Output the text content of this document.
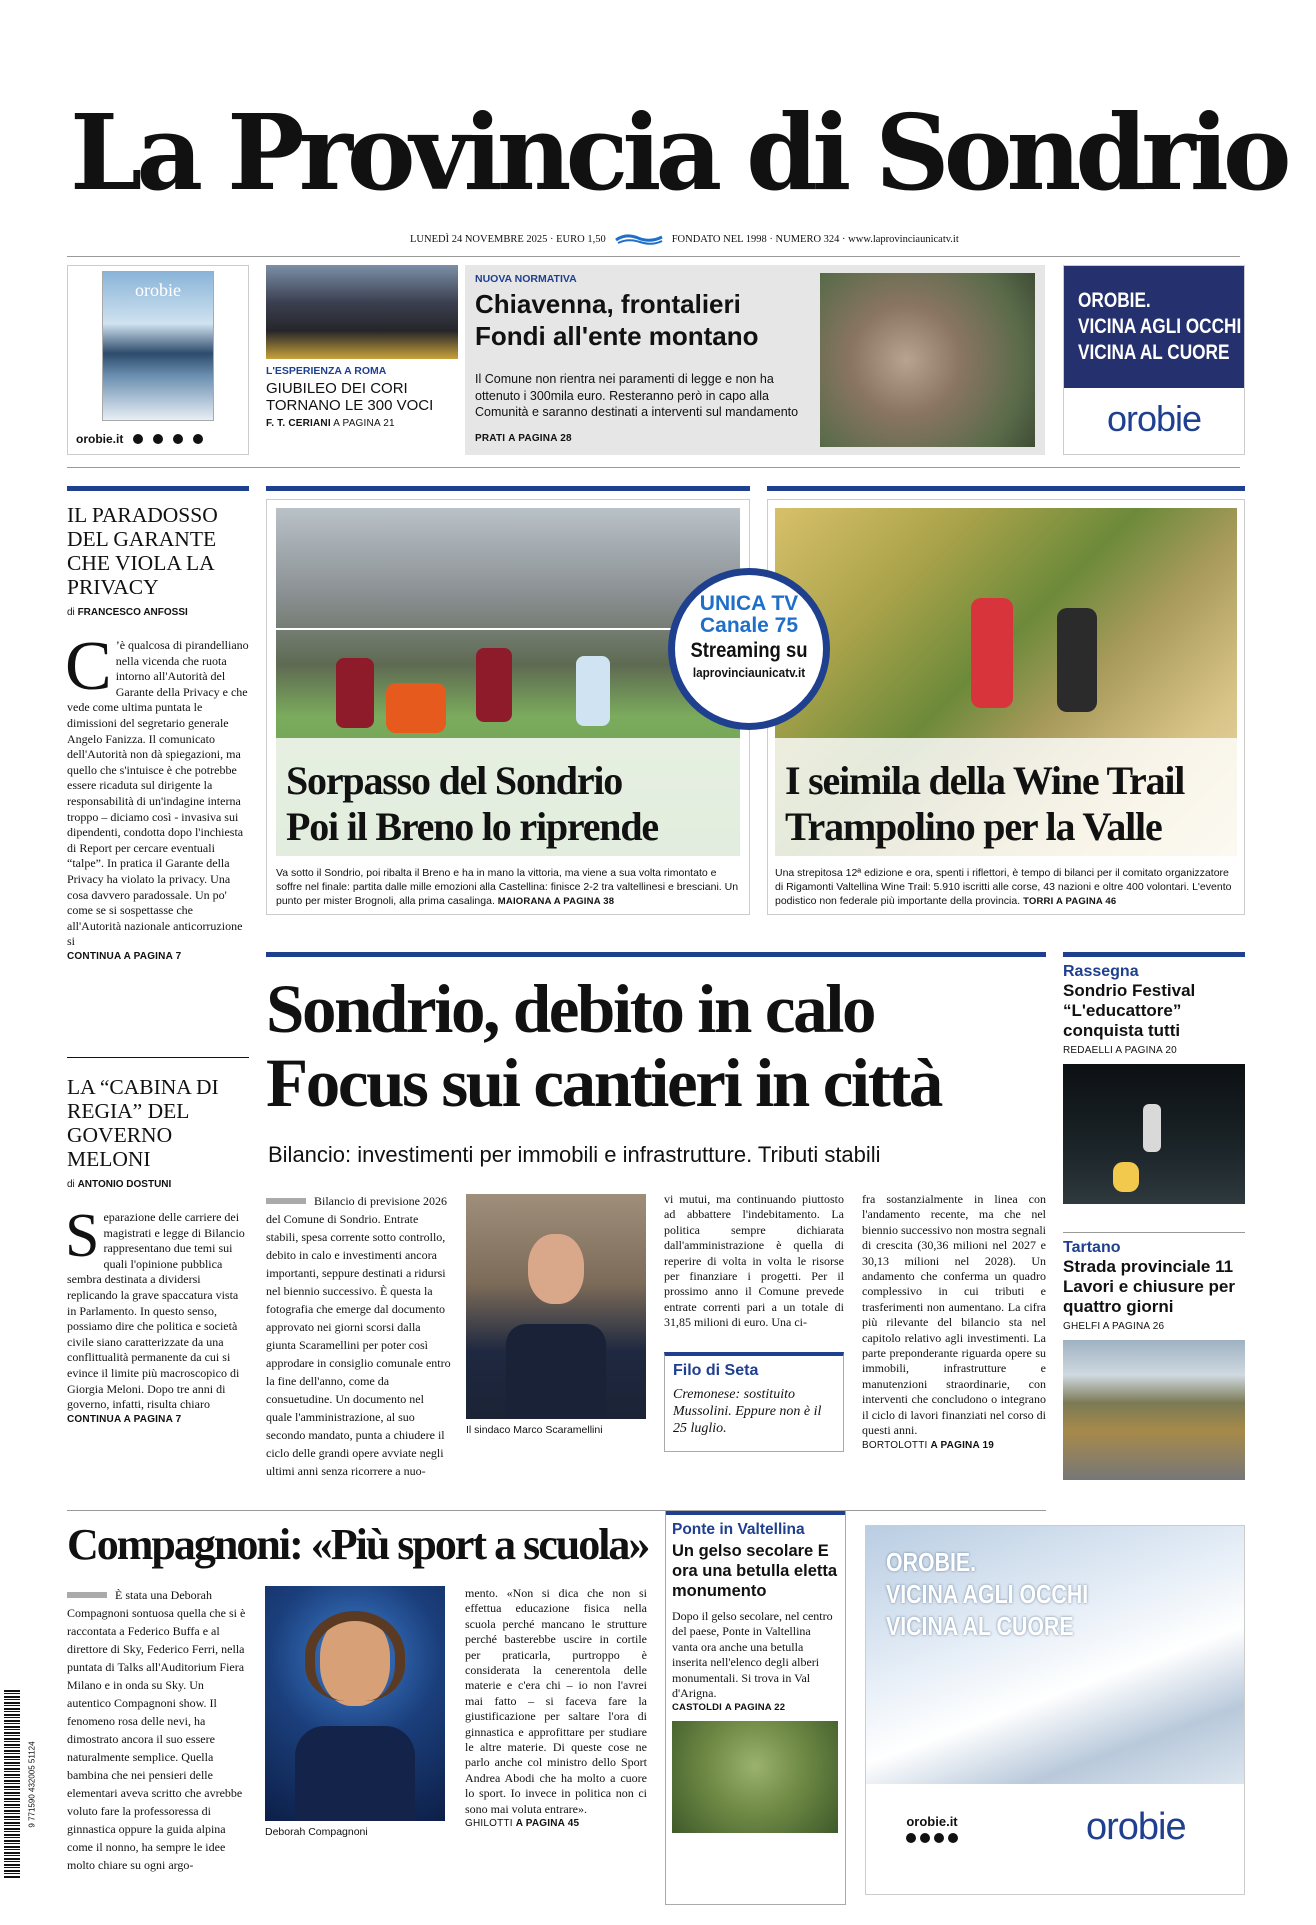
La Provincia di Sondrio
LUNEDÌ 24 NOVEMBRE 2025 · EURO 1,50	FONDATO NEL 1998 · NUMERO 324 · www.laprovinciaunicatv.it
orobie
orobie.it
L'ESPERIENZA A ROMA
GIUBILEO DEI CORI
TORNANO LE 300 VOCI
F. T. CERIANI A PAGINA 21
NUOVA NORMATIVA
Chiavenna, frontalieri
Fondi all'ente montano
Il Comune non rientra nei paramenti di legge e non ha ottenuto i 300mila euro. Resteranno però in capo alla Comunità e saranno destinati a interventi sul mandamento
PRATI A PAGINA 28
OROBIE.
VICINA AGLI OCCHI
VICINA AL CUORE
orobie
IL PARADOSSO DEL GARANTE CHE VIOLA LA PRIVACY
di FRANCESCO ANFOSSI
C ’è qualcosa di pirandelliano nella vicenda che ruota intorno all'Autorità del Garante della Privacy e che vede come ultima puntata le dimissioni del segretario generale Angelo Fanizza. Il comunicato dell'Autorità non dà spiegazioni, ma quello che s'intuisce è che potrebbe essere ricaduta sul dirigente la responsabilità di un'indagine interna troppo – diciamo così - invasiva sui dipendenti, condotta dopo l'inchiesta di Report per cercare eventuali “talpe”. In pratica il Garante della Privacy ha violato la privacy. Una cosa davvero paradossale. Un po' come se si sospettasse che all'Autorità nazionale anticorruzione si

CONTINUA A PAGINA 7
LA “CABINA DI REGIA” DEL GOVERNO MELONI
di ANTONIO DOSTUNI
S eparazione delle carriere dei magistrati e legge di Bilancio rappresentano due temi sui quali l'opinione pubblica sembra destinata a dividersi replicando la grave spaccatura vista in Parlamento. In questo senso, possiamo dire che politica e società civile siano caratterizzate da una conflittualità permanente da cui si evince il limite più macroscopico di Giorgia Meloni. Dopo tre anni di governo, infatti, risulta chiaro

CONTINUA A PAGINA 7
Sorpasso del Sondrio
Poi il Breno lo riprende
Va sotto il Sondrio, poi ribalta il Breno e ha in mano la vittoria, ma viene a sua volta rimontato e soffre nel finale: partita dalle mille emozioni alla Castellina: finisce 2-2 tra valtellinesi e bresciani. Un punto per mister Brognoli, alla prima casalinga. MAIORANA A PAGINA 38
I seimila della Wine Trail
Trampolino per la Valle
Una strepitosa 12ª edizione e ora, spenti i riflettori, è tempo di bilanci per il comitato organizzatore di Rigamonti Valtellina Wine Trail: 5.910 iscritti alle corse, 43 nazioni e oltre 400 volontari. L'evento podistico non federale più importante della provincia. TORRI A PAGINA 46
UNICA TV
Canale 75
Streaming su
laprovinciaunicatv.it
Sondrio, debito in calo
Focus sui cantieri in città
Bilancio: investimenti per immobili e infrastrutture. Tributi stabili

Bilancio di previsione 2026 del Comune di Sondrio. Entrate stabili, spesa corrente sotto controllo, debito in calo e investimenti ancora importanti, seppure destinati a ridursi nel biennio successivo. È questa la fotografia che emerge dal documento approvato nei giorni scorsi dalla giunta Scaramellini per poter così approdare in consiglio comunale entro la fine dell'anno, come da consuetudine. Un documento nel quale l'amministrazione, al suo secondo mandato, punta a chiudere il ciclo delle grandi opere avviate negli ultimi anni senza ricorrere a nuo-

Il sindaco Marco Scaramellini

vi mutui, ma continuando piuttosto ad abbattere l'indebitamento. La politica sempre dichiarata dall'amministrazione è quella di reperire di volta in volta le risorse per finanziare i progetti. Per il prossimo anno il Comune prevede entrate correnti pari a un totale di 31,85 milioni di euro. Una ci-

Filo di Seta
Cremonese: sostituito Mussolini. Eppure non è il 25 luglio.

fra sostanzialmente in linea con l'andamento recente, ma che nel biennio successivo non mostra segnali di crescita (30,36 milioni nel 2027 e 30,13 milioni nel 2028). Un andamento che conferma un quadro complessivo in cui tributi e trasferimenti non aumentano. La cifra più rilevante del bilancio sta nel capitolo relativo agli investimenti. La parte preponderante riguarda opere su immobili, infrastrutture e manutenzioni straordinarie, con interventi che concludono o integrano il ciclo di lavori finanziati nel corso di questi anni.

BORTOLOTTI A PAGINA 19
Rassegna
Sondrio Festival “L'educattore” conquista tutti
REDAELLI A PAGINA 20
Tartano
Strada provinciale 11 Lavori e chiusure per quattro giorni
GHELFI A PAGINA 26
Compagnoni: «Più sport a scuola»

È stata una Deborah Compagnoni sontuosa quella che si è raccontata a Federico Buffa e al direttore di Sky, Federico Ferri, nella puntata di Talks all'Auditorium Fiera Milano e in onda su Sky. Un autentico Compagnoni show. Il fenomeno rosa delle nevi, ha dimostrato ancora il suo essere naturalmente semplice. Quella bambina che nei pensieri delle elementari aveva scritto che avrebbe voluto fare la professoressa di ginnastica oppure la guida alpina come il nonno, ha sempre le idee molto chiare su ogni argo-

Deborah Compagnoni

mento. «Non si dica che non si effettua educazione fisica nella scuola perché mancano le strutture perché basterebbe uscire in cortile per praticarla, purtroppo è considerata la cenerentola delle materie e c'era chi – io non l'avrei mai fatto – si faceva fare la giustificazione per saltare l'ora di ginnastica e approfittare per studiare le altre materie. Di queste cose ne parlo anche col ministro dello Sport Andrea Abodi che ha molto a cuore lo sport. Io invece in politica non ci sono mai voluta entrare».

GHILOTTI A PAGINA 45
9 771590 432005 51124
Ponte in Valtellina
Un gelso secolare E ora una betulla eletta monumento

Dopo il gelso secolare, nel centro del paese, Ponte in Valtellina vanta ora anche una betulla inserita nell'elenco degli alberi monumentali. Si trova in Val d'Arigna.

CASTOLDI A PAGINA 22
OROBIE.
VICINA AGLI OCCHI
VICINA AL CUORE
orobie.it	orobie
